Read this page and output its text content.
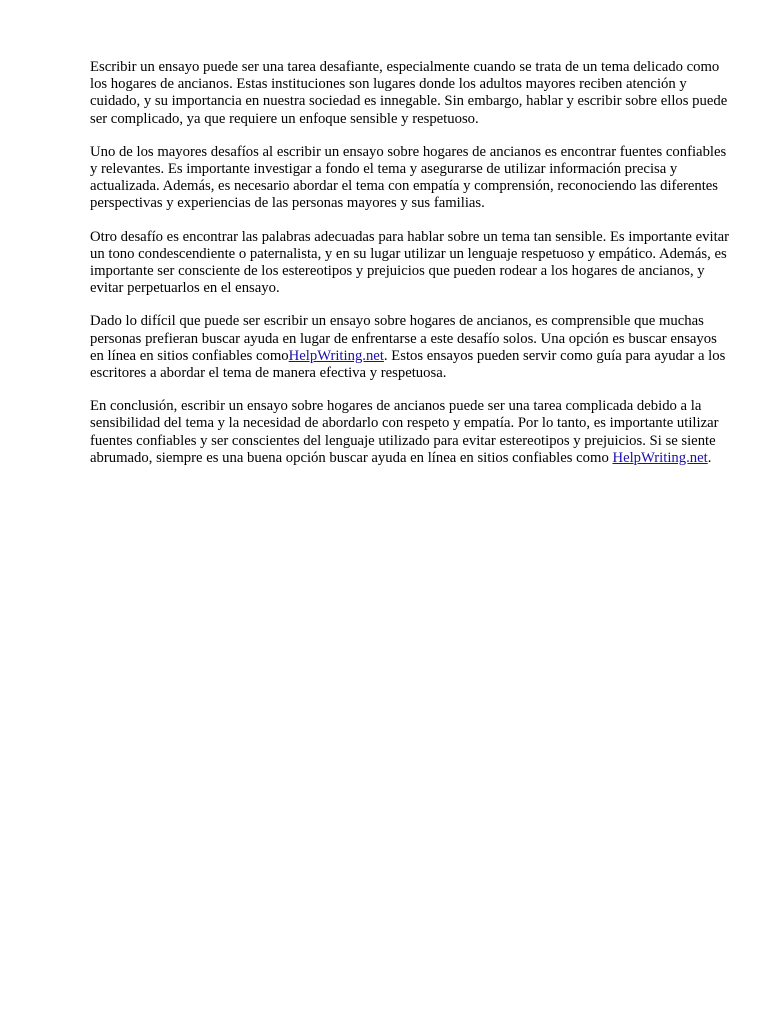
Escribir un ensayo puede ser una tarea desafiante, especialmente cuando se trata de un tema delicado como los hogares de ancianos. Estas instituciones son lugares donde los adultos mayores reciben atención y cuidado, y su importancia en nuestra sociedad es innegable. Sin embargo, hablar y escribir sobre ellos puede ser complicado, ya que requiere un enfoque sensible y respetuoso.

Uno de los mayores desafíos al escribir un ensayo sobre hogares de ancianos es encontrar fuentes confiables y relevantes. Es importante investigar a fondo el tema y asegurarse de utilizar información precisa y actualizada. Además, es necesario abordar el tema con empatía y comprensión, reconociendo las diferentes perspectivas y experiencias de las personas mayores y sus familias.

Otro desafío es encontrar las palabras adecuadas para hablar sobre un tema tan sensible. Es importante evitar un tono condescendiente o paternalista, y en su lugar utilizar un lenguaje respetuoso y empático. Además, es importante ser consciente de los estereotipos y prejuicios que pueden rodear a los hogares de ancianos, y evitar perpetuarlos en el ensayo.

Dado lo difícil que puede ser escribir un ensayo sobre hogares de ancianos, es comprensible que muchas personas prefieran buscar ayuda en lugar de enfrentarse a este desafío solos. Una opción es buscar ensayos en línea en sitios confiables comoHelpWriting.net. Estos ensayos pueden servir como guía para ayudar a los escritores a abordar el tema de manera efectiva y respetuosa.

En conclusión, escribir un ensayo sobre hogares de ancianos puede ser una tarea complicada debido a la sensibilidad del tema y la necesidad de abordarlo con respeto y empatía. Por lo tanto, es importante utilizar fuentes confiables y ser conscientes del lenguaje utilizado para evitar estereotipos y prejuicios. Si se siente abrumado, siempre es una buena opción buscar ayuda en línea en sitios confiables como HelpWriting.net.
